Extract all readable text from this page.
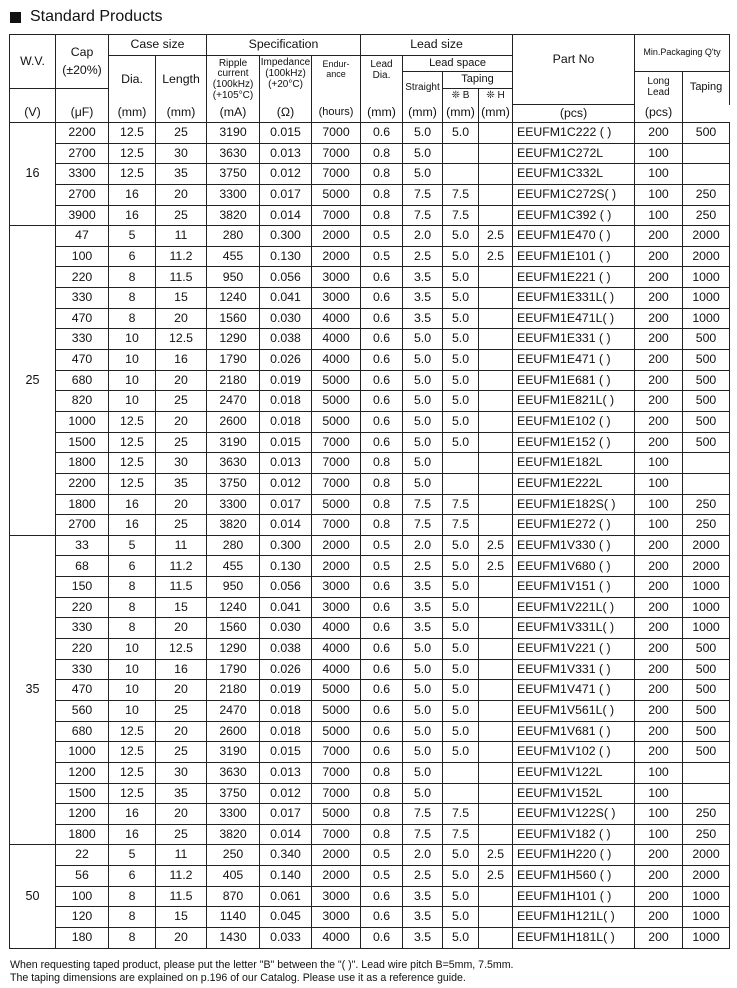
Standard Products
W.V.	Cap
(±20%)	Case size		Specification			Lead size				Part No	Min.Packaging Q'ty	
		Dia.	Length	Ripple current (100kHz) (+105°C)	Impedance (100kHz) (+20°C)	Endur- ance	Lead Dia.	Lead space					
								Straight	Taping			Long Lead	Taping
									❊ B	❊ H			
(V)	(μF)	(mm)	(mm)	(mA)	(Ω)	(hours)	(mm)	(mm)	(mm)	(mm)	(pcs)	(pcs)	
16	2200	12.5	25	3190	0.015	7000	0.6	5.0	5.0		EEUFM1C222 ( )	200	500
	2700	12.5	30	3630	0.013	7000	0.8	5.0			EEUFM1C272L	100	
	3300	12.5	35	3750	0.012	7000	0.8	5.0			EEUFM1C332L	100	
	2700	16	20	3300	0.017	5000	0.8	7.5	7.5		EEUFM1C272S( )	100	250
	3900	16	25	3820	0.014	7000	0.8	7.5	7.5		EEUFM1C392 ( )	100	250
25	47	5	11	280	0.300	2000	0.5	2.0	5.0	2.5	EEUFM1E470 ( )	200	2000
	100	6	11.2	455	0.130	2000	0.5	2.5	5.0	2.5	EEUFM1E101 ( )	200	2000
	220	8	11.5	950	0.056	3000	0.6	3.5	5.0		EEUFM1E221 ( )	200	1000
	330	8	15	1240	0.041	3000	0.6	3.5	5.0		EEUFM1E331L( )	200	1000
	470	8	20	1560	0.030	4000	0.6	3.5	5.0		EEUFM1E471L( )	200	1000
	330	10	12.5	1290	0.038	4000	0.6	5.0	5.0		EEUFM1E331 ( )	200	500
	470	10	16	1790	0.026	4000	0.6	5.0	5.0		EEUFM1E471 ( )	200	500
	680	10	20	2180	0.019	5000	0.6	5.0	5.0		EEUFM1E681 ( )	200	500
	820	10	25	2470	0.018	5000	0.6	5.0	5.0		EEUFM1E821L( )	200	500
	1000	12.5	20	2600	0.018	5000	0.6	5.0	5.0		EEUFM1E102 ( )	200	500
	1500	12.5	25	3190	0.015	7000	0.6	5.0	5.0		EEUFM1E152 ( )	200	500
	1800	12.5	30	3630	0.013	7000	0.8	5.0			EEUFM1E182L	100	
	2200	12.5	35	3750	0.012	7000	0.8	5.0			EEUFM1E222L	100	
	1800	16	20	3300	0.017	5000	0.8	7.5	7.5		EEUFM1E182S( )	100	250
	2700	16	25	3820	0.014	7000	0.8	7.5	7.5		EEUFM1E272 ( )	100	250
35	33	5	11	280	0.300	2000	0.5	2.0	5.0	2.5	EEUFM1V330 ( )	200	2000
	68	6	11.2	455	0.130	2000	0.5	2.5	5.0	2.5	EEUFM1V680 ( )	200	2000
	150	8	11.5	950	0.056	3000	0.6	3.5	5.0		EEUFM1V151 ( )	200	1000
	220	8	15	1240	0.041	3000	0.6	3.5	5.0		EEUFM1V221L( )	200	1000
	330	8	20	1560	0.030	4000	0.6	3.5	5.0		EEUFM1V331L( )	200	1000
	220	10	12.5	1290	0.038	4000	0.6	5.0	5.0		EEUFM1V221 ( )	200	500
	330	10	16	1790	0.026	4000	0.6	5.0	5.0		EEUFM1V331 ( )	200	500
	470	10	20	2180	0.019	5000	0.6	5.0	5.0		EEUFM1V471 ( )	200	500
	560	10	25	2470	0.018	5000	0.6	5.0	5.0		EEUFM1V561L( )	200	500
	680	12.5	20	2600	0.018	5000	0.6	5.0	5.0		EEUFM1V681 ( )	200	500
	1000	12.5	25	3190	0.015	7000	0.6	5.0	5.0		EEUFM1V102 ( )	200	500
	1200	12.5	30	3630	0.013	7000	0.8	5.0			EEUFM1V122L	100	
	1500	12.5	35	3750	0.012	7000	0.8	5.0			EEUFM1V152L	100	
	1200	16	20	3300	0.017	5000	0.8	7.5	7.5		EEUFM1V122S( )	100	250
	1800	16	25	3820	0.014	7000	0.8	7.5	7.5		EEUFM1V182 ( )	100	250
50	22	5	11	250	0.340	2000	0.5	2.0	5.0	2.5	EEUFM1H220 ( )	200	2000
	56	6	11.2	405	0.140	2000	0.5	2.5	5.0	2.5	EEUFM1H560 ( )	200	2000
	100	8	11.5	870	0.061	3000	0.6	3.5	5.0		EEUFM1H101 ( )	200	1000
	120	8	15	1140	0.045	3000	0.6	3.5	5.0		EEUFM1H121L( )	200	1000
	180	8	20	1430	0.033	4000	0.6	3.5	5.0		EEUFM1H181L( )	200	1000
When requesting taped product, please put the letter "B" between the "( )". Lead wire pitch B=5mm, 7.5mm.
The taping dimensions are explained on p.196 of our Catalog. Please use it as a reference guide.
